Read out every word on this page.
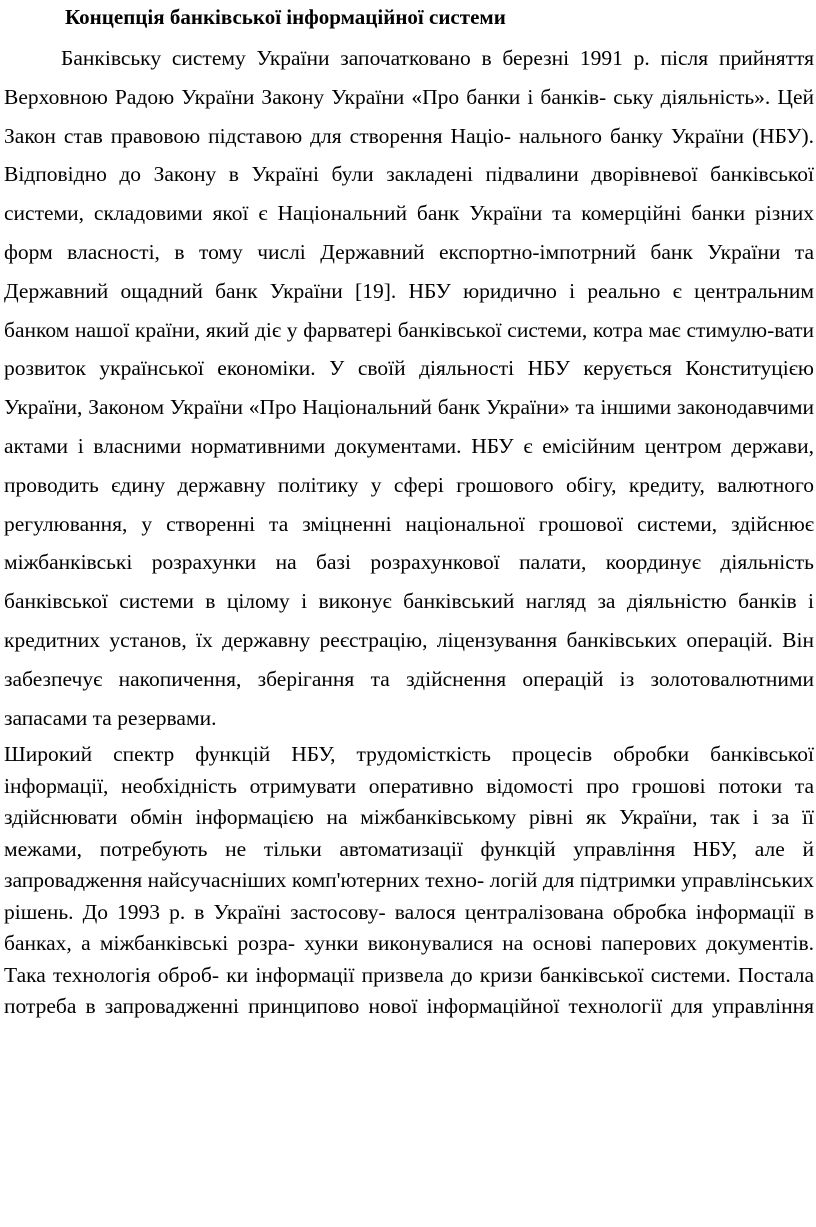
Концепція банківської інформаційної системи

Банківську систему України започатковано в березні 1991 р. після прийняття Верховною Радою України Закону України «Про банки і банків- ську діяльність». Цей Закон став правовою підставою для створення Націо- нального банку України (НБУ). Відповідно до Закону в Україні були закладені підвалини дворівневої банківської системи, складовими якої є Національний банк України та комерційні банки різних форм власності, в тому числі Державний експортно-імпотрний банк України та Державний ощадний банк України [19]. НБУ юридично і реально є центральним банком нашої країни, який діє у фарватері банківської системи, котра має стимулю-вати розвиток української економіки. У своїй діяльності НБУ керується Конституцією України, Законом України «Про Національний банк України» та іншими законодавчими актами і власними нормативними документами. НБУ є емісійним центром держави, проводить єдину державну політику у сфері грошового обігу, кредиту, валютного регулювання, у створенні та зміцненні національної грошової системи, здійснює міжбанківські розрахунки на базі розрахункової палати, координує діяльність банківської системи в цілому і виконує банківський нагляд за діяльністю банків і кредитних установ, їх державну реєстрацію, ліцензування банківських операцій. Він забезпечує накопичення, зберігання та здійснення операцій із золотовалютними запасами та резервами.

Широкий спектр функцій НБУ, трудомісткість процесів обробки банківської інформації, необхідність отримувати оперативно відомості про грошові потоки та здійснювати обмін інформацією на міжбанківському рівні як України, так і за її межами, потребують не тільки автоматизації функцій управління НБУ, але й запровадження найсучасніших комп'ютерних техно- логій для підтримки управлінських рішень. До 1993 р. в Україні застосову- валося централізована обробка інформації в банках, а міжбанківські розра- хунки виконувалися на основі паперових документів. Така технологія оброб- ки інформації призвела до кризи банківської системи. Постала потреба в запровадженні принципово нової інформаційної технології для управління
